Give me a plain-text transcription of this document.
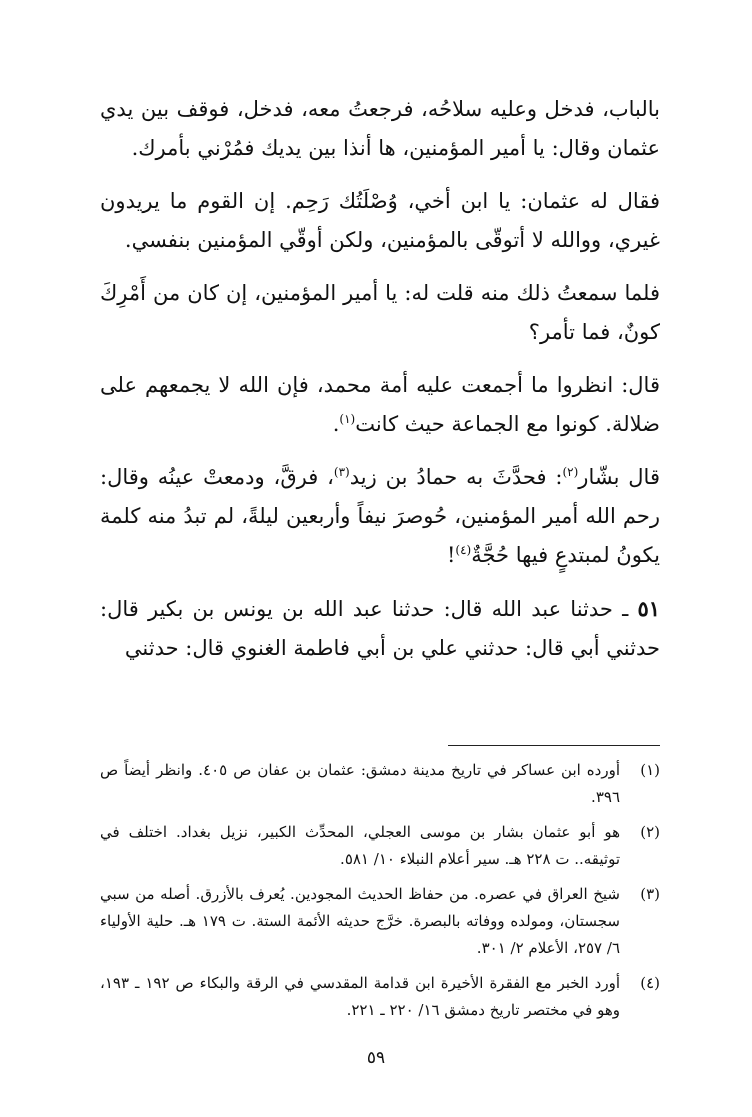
بالباب، فدخل وعليه سلاحُه، فرجعتُ معه، فدخل، فوقف بين يدي عثمان وقال: يا أمير المؤمنين، ها أنذا بين يديك فمُرْني بأمرك.

فقال له عثمان: يا ابن أخي، وُصْلَتُك رَحِم. إن القوم ما يريدون غيري، ووالله لا أتوقّى بالمؤمنين، ولكن أوقّي المؤمنين بنفسي.

فلما سمعتُ ذلك منه قلت له: يا أمير المؤمنين، إن كان من أَمْرِكَ كونٌ، فما تأمر؟

قال: انظروا ما أجمعت عليه أمة محمد، فإن الله لا يجمعهم على ضلالة. كونوا مع الجماعة حيث كانت$^{(١)}$.

قال بشّار$^{(٢)}$: فحدَّثَ به حمادُ بن زيد$^{(٣)}$، فرقَّ، ودمعتْ عينُه وقال: رحم الله أمير المؤمنين، حُوصرَ نيفاً وأربعين ليلةً، لم تبدُ منه كلمة يكونُ لمبتدعٍ فيها حُجَّةٌ$^{(٤)}$!

٥١ ـ حدثنا عبد الله قال: حدثنا عبد الله بن يونس بن بكير قال: حدثني أبي قال: حدثني علي بن أبي فاطمة الغنوي قال: حدثني

(١)
أورده ابن عساكر في تاريخ مدينة دمشق: عثمان بن عفان ص ٤٠٥. وانظر أيضاً ص ٣٩٦.
(٢)
هو أبو عثمان بشار بن موسى العجلي، المحدِّث الكبير، نزيل بغداد. اختلف في توثيقه.. ت ٢٢٨ هـ. سير أعلام النبلاء ١٠/ ٥٨١.
(٣)
شيخ العراق في عصره. من حفاظ الحديث المجودين. يُعرف بالأزرق. أصله من سبي سجستان، ومولده ووفاته بالبصرة. خرَّج حديثه الأئمة الستة. ت ١٧٩ هـ. حلية الأولياء ٦/ ٢٥٧، الأعلام ٢/ ٣٠١.
(٤)
أورد الخبر مع الفقرة الأخيرة ابن قدامة المقدسي في الرقة والبكاء ص ١٩٢ ـ ١٩٣، وهو في مختصر تاريخ دمشق ١٦/ ٢٢٠ ـ ٢٢١.
٥٩
